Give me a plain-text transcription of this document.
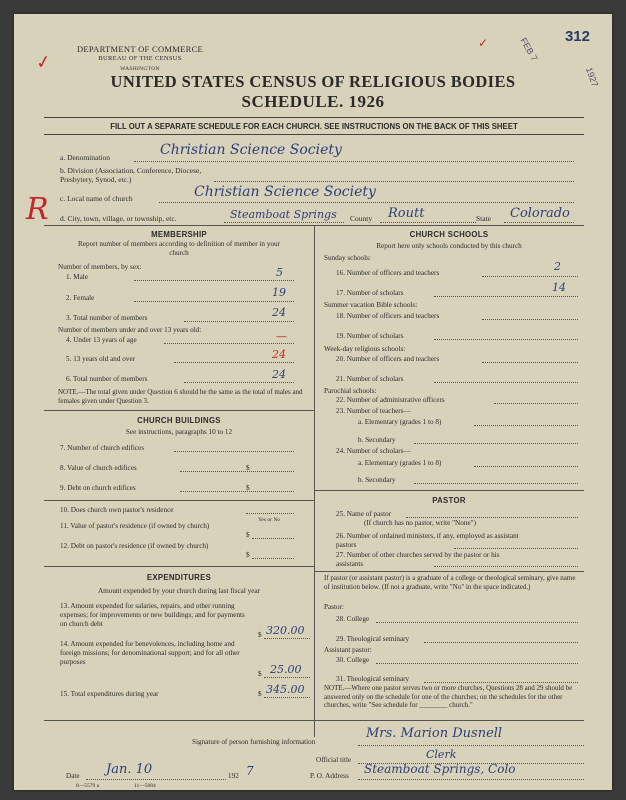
✓
DEPARTMENT OF COMMERCE
BUREAU OF THE CENSUS
WASHINGTON
312
FEB 7
1927
✓
UNITED STATES CENSUS OF RELIGIOUS BODIES
SCHEDULE. 1926
FILL OUT A SEPARATE SCHEDULE FOR EACH CHURCH. SEE INSTRUCTIONS ON THE BACK OF THIS SHEET
a. Denomination	Christian Science Society
b. Division (Association, Conference, Diocese, Presbytery, Synod, etc.)
R c. Local name of church	Christian Science Society
d. City, town, village, or township, etc.	Steamboat Springs County Routt	State Colorado
MEMBERSHIP
Report number of members according to definition of member in your church
Number of members, by sex:
1. Male	5
2. Female	19
3. Total number of members	24
Number of members under and over 13 years old:
4. Under 13 years of age	—
5. 13 years old and over	24
6. Total number of members	24
NOTE.—The total given under Question 6 should be the same as the total of males and females given under Question 3.
CHURCH BUILDINGS
See instructions, paragraphs 10 to 12
7. Number of church edifices
8. Value of church edifices	$
9. Debt on church edifices	$
10. Does church own pastor's residence
Yes or No
11. Value of pastor's residence (if owned by church)
$
12. Debt on pastor's residence (if owned by church)
$
EXPENDITURES
Amount expended by your church during last fiscal year
13. Amount expended for salaries, repairs, and other running expenses; for improvements or new buildings; and for payments on church debt
$ 320.00
14. Amount expended for benevolences, including home and foreign missions; for denominational support; and for all other purposes
$ 25.00
15. Total expenditures during year	$ 345.00
CHURCH SCHOOLS
Report here only schools conducted by this church
Sunday schools:
16. Number of officers and teachers	2
17. Number of scholars	14
Summer vacation Bible schools:
18. Number of officers and teachers
19. Number of scholars
Week-day religious schools:
20. Number of officers and teachers
21. Number of scholars
Parochial schools:
22. Number of administrative officers
23. Number of teachers—
a. Elementary (grades 1 to 8)
b. Secondary
24. Number of scholars—
a. Elementary (grades 1 to 8)
b. Secondary
PASTOR
25. Name of pastor
(If church has no pastor, write "None")
26. Number of ordained ministers, if any, employed as assistant pastors
27. Number of other churches served by the pastor or his assistants
If pastor (or assistant pastor) is a graduate of a college or theological seminary, give name of institution below. (If not a graduate, write "No" in the space indicated.)
Pastor:
28. College
29. Theological seminary
Assistant pastor:
30. College
31. Theological seminary
NOTE.—Where one pastor serves two or more churches, Questions 28 and 29 should be answered only on the schedule for one of the churches; on the schedules for the other churches, write "See schedule for ________ church."
Signature of person furnishing information
Mrs. Marion Dusnell
Official title	Clerk
Date Jan. 10	192 7	P. O. Address Steamboat Springs, Colo
8—5579 a	11—5084
